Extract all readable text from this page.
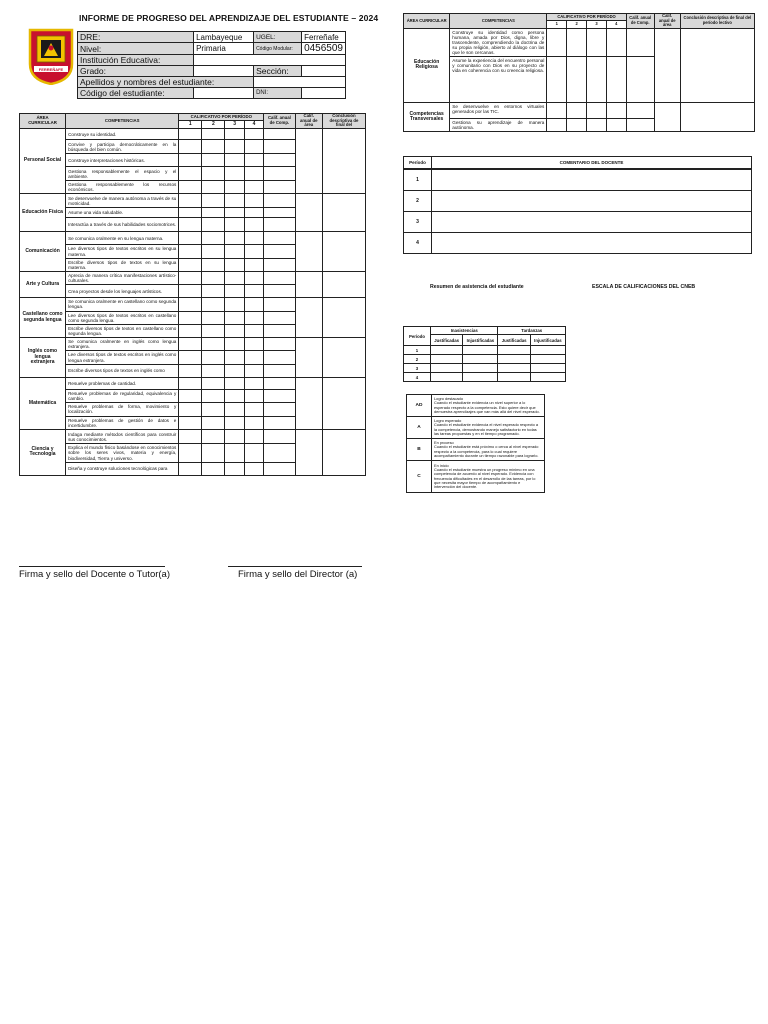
INFORME DE PROGRESO DEL APRENDIZAJE DEL ESTUDIANTE – 2024
FERREÑAFE
DRE:	Lambayeque	UGEL:	Ferreñafe
Nivel:	Primaria	Código Modular:	0456509
Institución Educativa:			
Grado:		Sección:	
Apellidos y nombres del estudiante:			
Código del estudiante:		DNI:	
ÁREA CURRICULAR	COMPETENCIAS	CALIFICATIVO POR PERÍODO				Calif. anual de Comp.	Calif. anual de área	Conclusión descriptiva de final del
		1	2	3	4			
Personal Social	Construye su identidad.							
	Convive y participa democráticamente en la búsqueda del bien común.							
	Construye interpretaciones históricas.							
	Gestiona responsablemente el espacio y el ambiente.							
	Gestiona responsablemente los recursos económicos.							
Educación Física	Se desenvuelve de manera autónoma a través de su motricidad.							
	Asume una vida saludable.							
	Interactúa a través de sus habilidades sociomotrices.							
Comunicación	Se comunica oralmente en su lengua materna.							
	Lee diversos tipos de textos escritos en su lengua materna.							
	Escribe diversos tipos de textos en su lengua materna.							
Arte y Cultura	Aprecia de manera crítica manifestaciones artístico-culturales.							
	Crea proyectos desde los lenguajes artísticos.							
Castellano como segunda lengua	Se comunica oralmente en castellano como segunda lengua.							
	Lee diversos tipos de textos escritos en castellano como segunda lengua.							
	Escribe diversos tipos de textos en castellano como segunda lengua.							
Inglés como lengua extranjera	Se comunica oralmente en inglés como lengua extranjera.							
	Lee diversos tipos de textos escritos en inglés como lengua extranjera.							
	Escribe diversos tipos de textos en inglés como							
Matemática	Resuelve problemas de cantidad.							
	Resuelve problemas de regularidad, equivalencia y cambio.							
	Resuelve problemas de forma, movimiento y localización.							
	Resuelve problemas de gestión de datos e incertidumbre.							
Ciencia y Tecnología	Indaga mediante métodos científicos para construir sus conocimientos.							
	Explica el mundo físico basándose en conocimientos sobre los seres vivos, materia y energía, biodiversidad, Tierra y universo.							
	Diseña y construye soluciones tecnológicas para							
ÁREA CURRICULAR	COMPETENCIAS	CALIFICATIVO POR PERÍODO				Calif. anual de Comp.	Calif. anual de área	Conclusión descriptiva de final del período lectivo
		1	2	3	4			
Educación Religiosa	Construye su identidad como persona humana, amada por Dios, digna, libre y trascendente, comprendiendo la doctrina de su propia religión, abierto al diálogo con las que le son cercanas.							
	Asume la experiencia del encuentro personal y comunitario con Dios en su proyecto de vida en coherencia con su creencia religiosa.							
Competencias Transversales	Se desenvuelve en entornos virtuales generados por las TIC.							
	Gestiona su aprendizaje de manera autónoma.							
Período	COMENTARIO DEL DOCENTE
1	
2	
3	
4	
Resumen de asistencia del estudiante	ESCALA DE CALIFICACIONES DEL CNEB
Período	Inasistencias		Tardanzas	
	Justificadas	Injustificadas	Justificadas	Injustificadas
1				
2				
3				
4				
AD	Logro destacado
Cuando el estudiante evidencia un nivel superior a lo esperado respecto a la competencia. Esto quiere decir que demuestra aprendizajes que van más allá del nivel esperado.

A	Logro esperado
Cuando el estudiante evidencia el nivel esperado respecto a la competencia, demostrando manejo satisfactorio en todas las tareas propuestas y en el tiempo programado.

B	En proceso
Cuando el estudiante está próximo o cerca al nivel esperado respecto a la competencia, para lo cual requiere acompañamiento durante un tiempo razonable para lograrlo.

C	En inicio
Cuando el estudiante muestra un progreso mínimo en una competencia de acuerdo al nivel esperado. Evidencia con frecuencia dificultades en el desarrollo de las tareas, por lo que necesita mayor tiempo de acompañamiento e intervención del docente.
Firma y sello del Docente o Tutor(a)	Firma y sello del Director (a)
